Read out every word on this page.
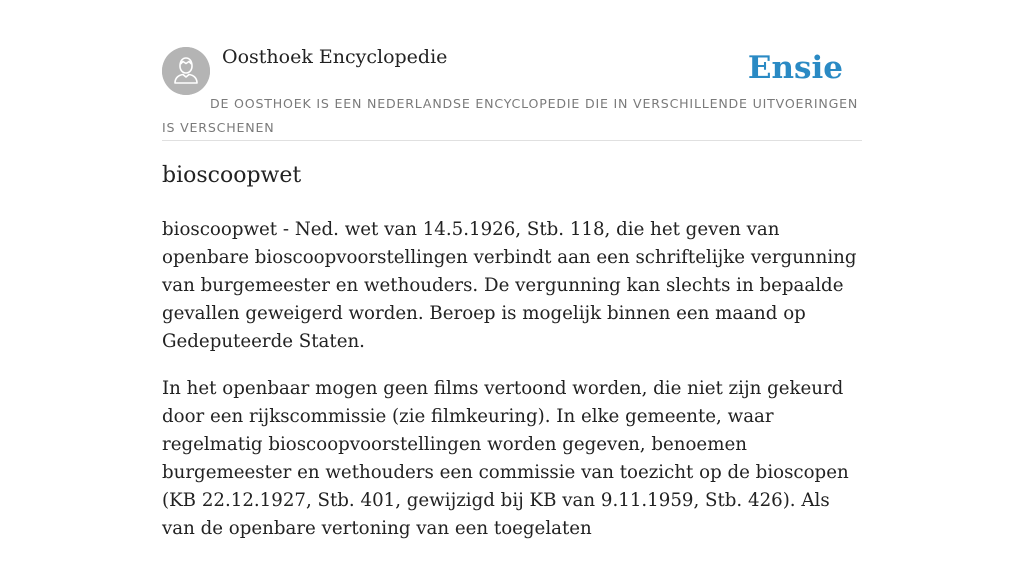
Oosthoek Encyclopedie	Ensie
DE OOSTHOEK IS EEN NEDERLANDSE ENCYCLOPEDIE DIE IN VERSCHILLENDE UITVOERINGEN IS VERSCHENEN
bioscoopwet

bioscoopwet - Ned. wet van 14.5.1926, Stb. 118, die het geven van openbare bioscoopvoorstellingen verbindt aan een schriftelijke vergunning van burgemeester en wethouders. De vergunning kan slechts in bepaalde gevallen geweigerd worden. Beroep is mogelijk binnen een maand op Gedeputeerde Staten.

In het openbaar mogen geen films vertoond worden, die niet zijn gekeurd door een rijkscommissie (zie filmkeuring). In elke gemeente, waar regelmatig bioscoopvoorstellingen worden gegeven, benoemen burgemeester en wethouders een commissie van toezicht op de bioscopen (KB 22.12.1927, Stb. 401, gewijzigd bij KB van 9.11.1959, Stb. 426). Als van de openbare vertoning van een toegelaten
